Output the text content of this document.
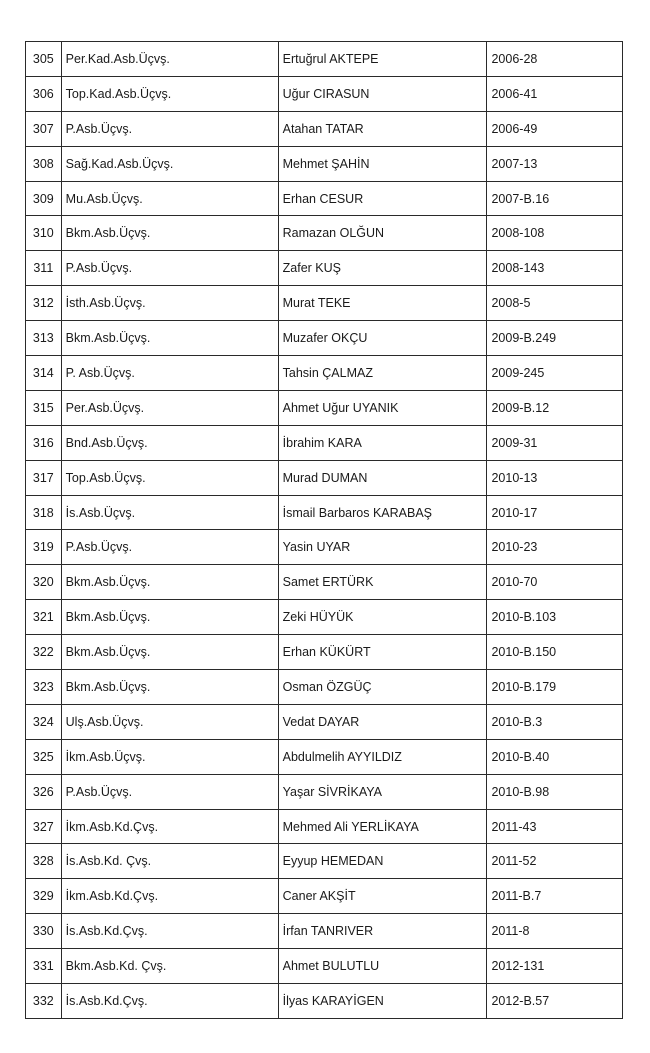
305	Per.Kad.Asb.Üçvş.	Ertuğrul AKTEPE	2006-28
306	Top.Kad.Asb.Üçvş.	Uğur CIRASUN	2006-41
307	P.Asb.Üçvş.	Atahan TATAR	2006-49
308	Sağ.Kad.Asb.Üçvş.	Mehmet ŞAHİN	2007-13
309	Mu.Asb.Üçvş.	Erhan CESUR	2007-B.16
310	Bkm.Asb.Üçvş.	Ramazan OLĞUN	2008-108
311	P.Asb.Üçvş.	Zafer KUŞ	2008-143
312	İsth.Asb.Üçvş.	Murat TEKE	2008-5
313	Bkm.Asb.Üçvş.	Muzafer OKÇU	2009-B.249
314	P. Asb.Üçvş.	Tahsin ÇALMAZ	2009-245
315	Per.Asb.Üçvş.	Ahmet Uğur UYANIK	2009-B.12
316	Bnd.Asb.Üçvş.	İbrahim KARA	2009-31
317	Top.Asb.Üçvş.	Murad DUMAN	2010-13
318	İs.Asb.Üçvş.	İsmail Barbaros KARABAŞ	2010-17
319	P.Asb.Üçvş.	Yasin UYAR	2010-23
320	Bkm.Asb.Üçvş.	Samet ERTÜRK	2010-70
321	Bkm.Asb.Üçvş.	Zeki HÜYÜK	2010-B.103
322	Bkm.Asb.Üçvş.	Erhan KÜKÜRT	2010-B.150
323	Bkm.Asb.Üçvş.	Osman ÖZGÜÇ	2010-B.179
324	Ulş.Asb.Üçvş.	Vedat DAYAR	2010-B.3
325	İkm.Asb.Üçvş.	Abdulmelih AYYILDIZ	2010-B.40
326	P.Asb.Üçvş.	Yaşar SİVRİKAYA	2010-B.98
327	İkm.Asb.Kd.Çvş.	Mehmed Ali YERLİKAYA	2011-43
328	İs.Asb.Kd. Çvş.	Eyyup HEMEDAN	2011-52
329	İkm.Asb.Kd.Çvş.	Caner AKŞİT	2011-B.7
330	İs.Asb.Kd.Çvş.	İrfan TANRIVER	2011-8
331	Bkm.Asb.Kd. Çvş.	Ahmet BULUTLU	2012-131
332	İs.Asb.Kd.Çvş.	İlyas KARAYİGEN	2012-B.57
